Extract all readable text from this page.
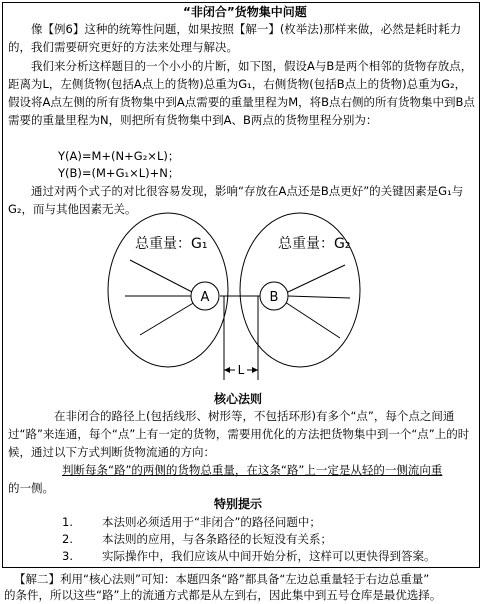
“非闭合”货物集中问题
像【例6】这种的统筹性问题，如果按照【解一】(枚举法)那样来做，必然是耗时耗力的，我们需要研究更好的方法来处理与解决。
我们来分析这样题目的一个小小的片断，如下图，假设A与B是两个相邻的货物存放点，距离为L，左侧货物(包括A点上的货物)总重为G₁，右侧货物(包括B点上的货物)总重为G₂，假设将A点左侧的所有货物集中到A点需要的重量里程为M，将B点右侧的所有货物集中到B点需要的重量里程为N，则把所有货物集中到A、B两点的货物里程分别为：
Y(A)=M+(N+G₂×L)；
Y(B)=(M+G₁×L)+N；
通过对两个式子的对比很容易发现，影响“存放在A点还是B点更好”的关键因素是G₁与G₂，而与其他因素无关。
A	B
总重量：G₁	总重量：G₂
L
核心法则
在非闭合的路径上(包括线形、树形等，不包括环形)有多个“点”，每个点之间通过“路”来连通，每个“点”上有一定的货物，需要用优化的方法把货物集中到一个“点”上的时候，通过以下方式判断货物流通的方向：
判断每条“路”的两侧的货物总重量，在这条“路”上一定是从轻的一侧流向重
的一侧。
特别提示
1.	本法则必须适用于“非闭合”的路径问题中；
2.	本法则的应用，与各条路径的长短没有关系；
3.	实际操作中，我们应该从中间开始分析，这样可以更快得到答案。
【解二】利用“核心法则”可知：本题四条“路”都具备“左边总重量轻于右边总重量”
的条件，所以这些“路”上的流通方式都是从左到右，因此集中到五号仓库是最优选择。
